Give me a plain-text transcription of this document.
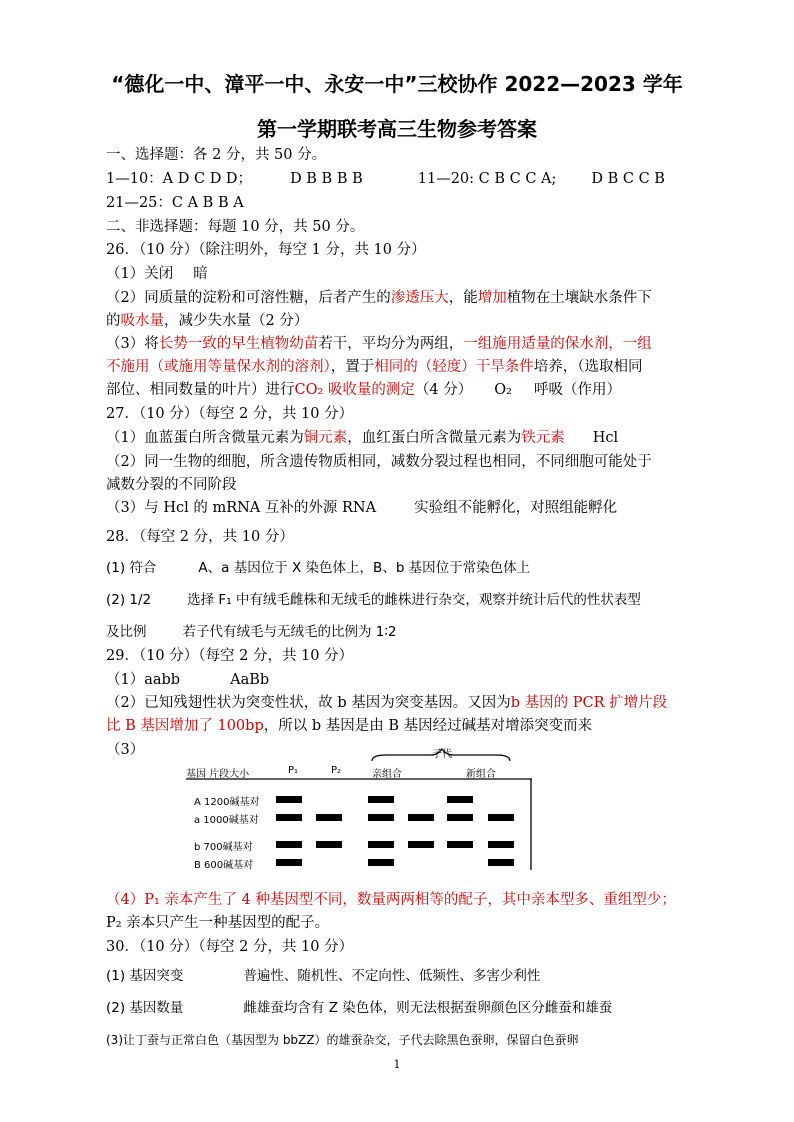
“德化一中、漳平一中、永安一中”三校协作 2022—2023 学年
第一学期联考高三生物参考答案
一、选择题：各 2 分，共 50 分。
1—10：A D C D D；	D B B B B	11—20: C B C C A; D B C C B
21—25：C A B B A
二、非选择题：每题 10 分，共 50 分。
26．（10 分）（除注明外，每空 1 分，共 10 分）
（1）关闭 暗
（2）同质量的淀粉和可溶性糖，后者产生的渗透压大，能增加植物在土壤缺水条件下
的吸水量，减少失水量（2 分）
（3）将长势一致的早生植物幼苗若干，平均分为两组，一组施用适量的保水剂，一组
不施用（或施用等量保水剂的溶剂），置于相同的（轻度）干旱条件培养，（选取相同
部位、相同数量的叶片）进行CO₂ 吸收量的测定（4 分） O₂ 呼吸（作用）
27．（10 分）（每空 2 分，共 10 分）
（1）血蓝蛋白所含微量元素为铜元素，血红蛋白所含微量元素为铁元素 Hcl
（2）同一生物的细胞，所含遗传物质相同，减数分裂过程也相同，不同细胞可能处于
减数分裂的不同阶段
（3）与 Hcl 的 mRNA 互补的外源 RNA	实验组不能孵化，对照组能孵化
28．（每空 2 分，共 10 分）
(1) 符合	A、a 基因位于 X 染色体上，B、b 基因位于常染色体上
(2) 1/2	选择 F₁ 中有绒毛雌株和无绒毛的雌株进行杂交，观察并统计后代的性状表型
及比例	若子代有绒毛与无绒毛的比例为 1∶2
29．（10 分）（每空 2 分，共 10 分）
（1）aabb	AaBb
（2）已知残翅性状为突变性状，故 b 基因为突变基因。又因为b 基因的 PCR 扩增片段
比 B 基因增加了 100bp，所以 b 基因是由 B 基因经过碱基对增添突变而来
（3）
基因 片段大小	P₁	P₂
子代
亲组合	新组合
A 1200碱基对
a 1000碱基对
b 700碱基对
B 600碱基对
（4）P₁ 亲本产生了 4 种基因型不同，数量两两相等的配子，其中亲本型多、重组型少；
P₂ 亲本只产生一种基因型的配子。
30．（10 分）（每空 2 分，共 10 分）
(1) 基因突变	普遍性、随机性、不定向性、低频性、多害少利性
(2) 基因数量	雌雄蚕均含有 Z 染色体，则无法根据蚕卵颜色区分雌蚕和雄蚕
(3)让丁蚕与正常白色（基因型为 bbZZ）的雄蚕杂交，子代去除黑色蚕卵，保留白色蚕卵
1
